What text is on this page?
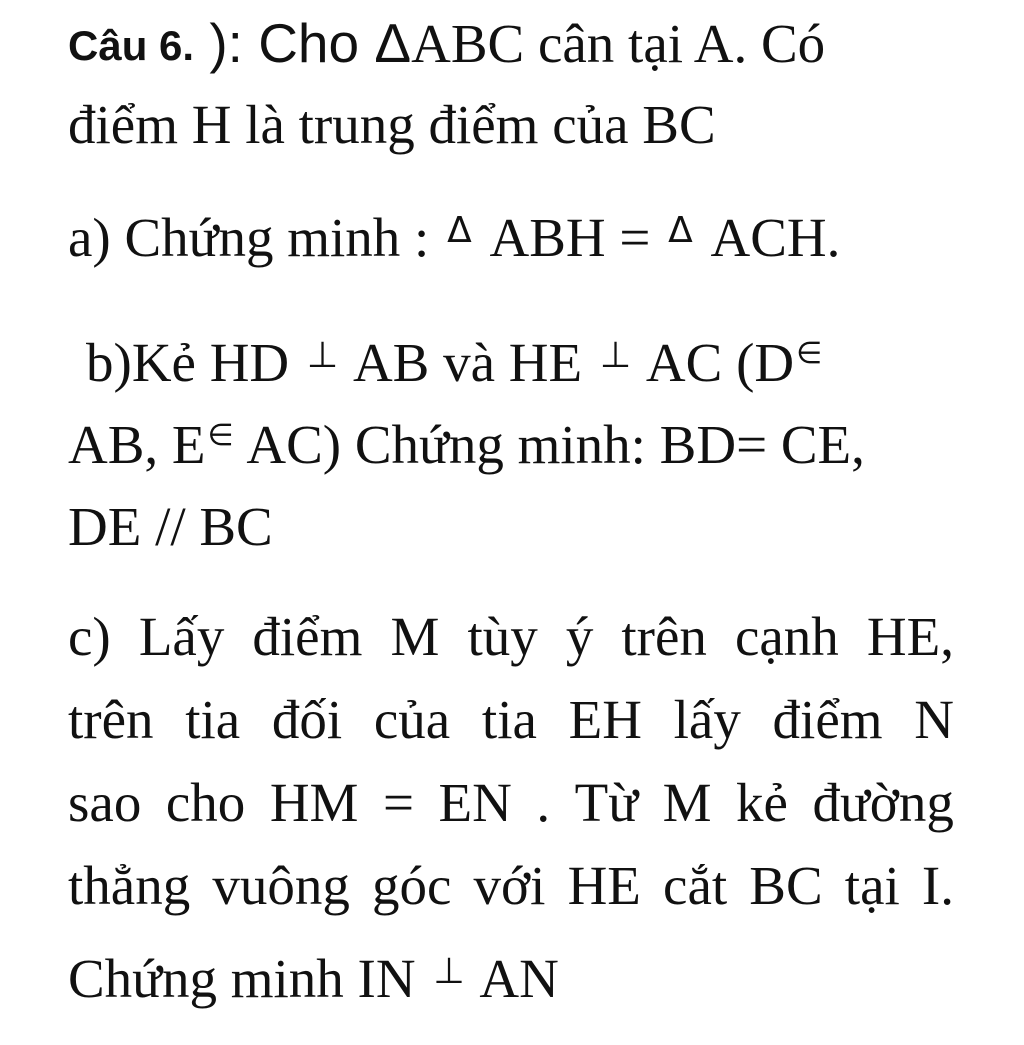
Câu 6. ): Cho ΔABC cân tại A. Có
điểm H là trung điểm của BC
a) Chứng minh : $^\Delta$ ABH = $^\Delta$ ACH.
b)Kẻ HD ⊥ AB và HE ⊥ AC (D∈
AB, E∈ AC) Chứng minh: BD= CE,
DE // BC
c) Lấy điểm M tùy ý trên cạnh HE,
trên tia đối của tia EH lấy điểm N
sao cho HM = EN . Từ M kẻ đường
thẳng vuông góc với HE cắt BC tại I.
Chứng minh IN ⊥ AN
